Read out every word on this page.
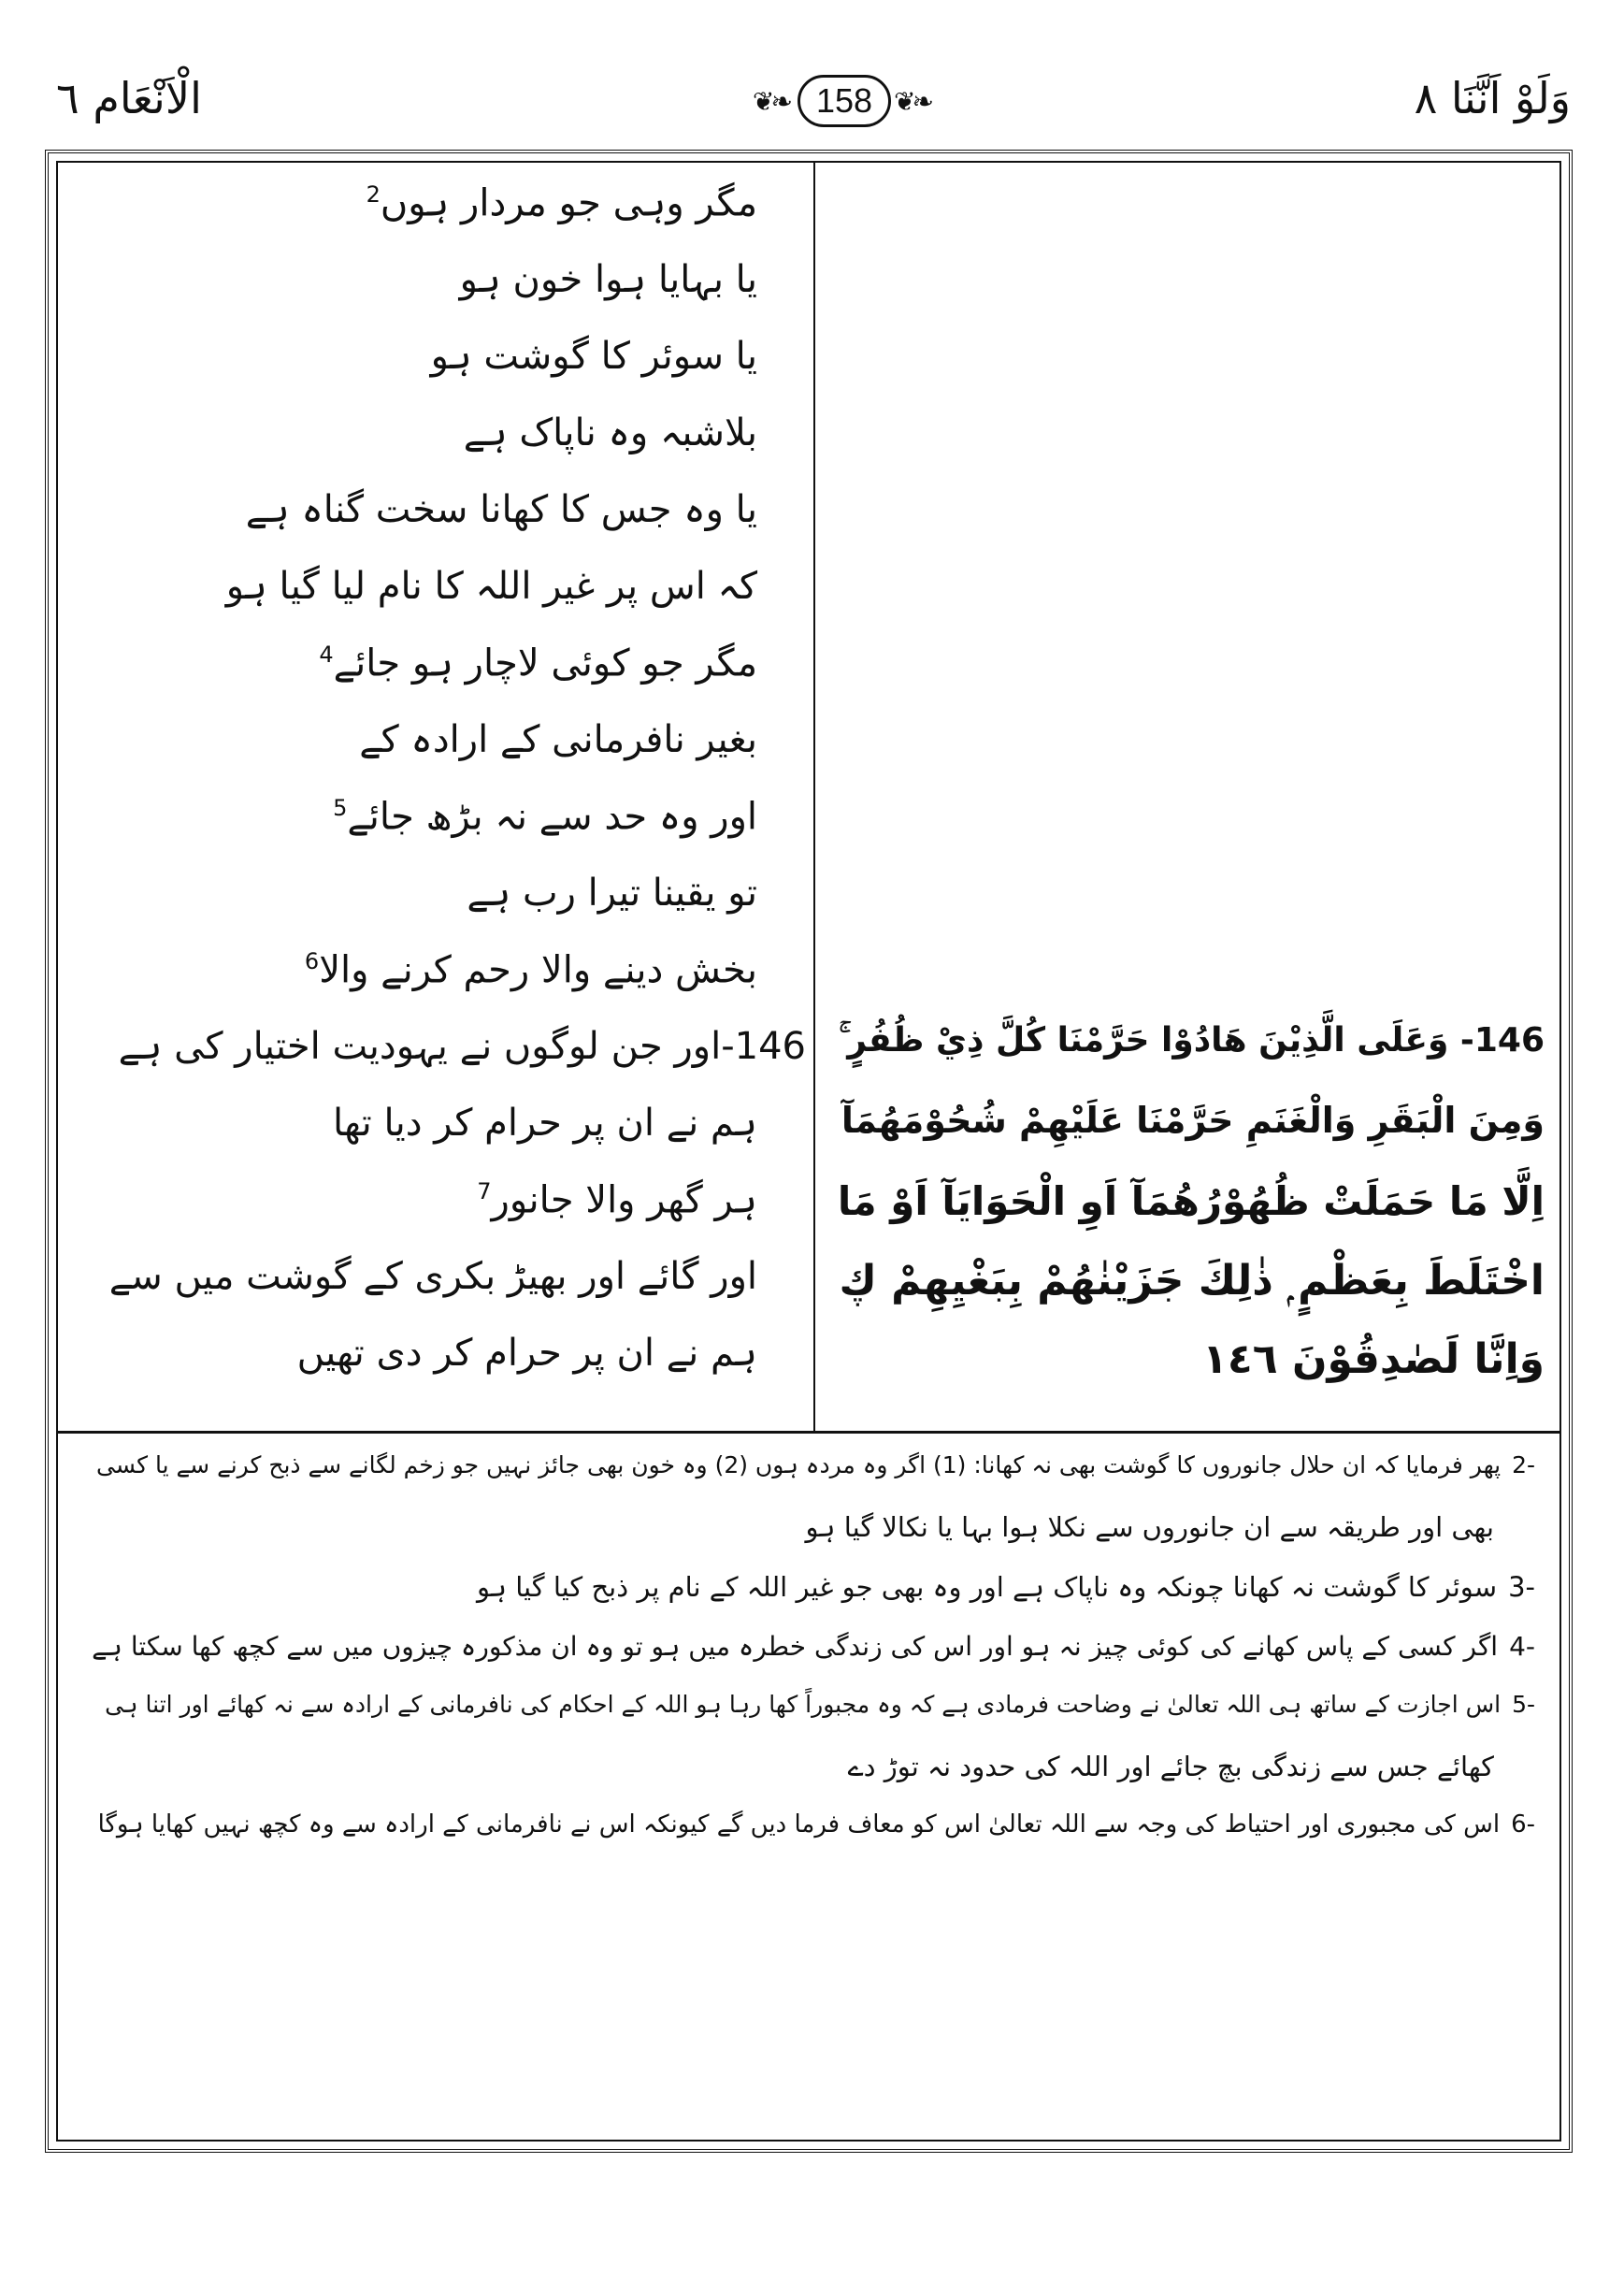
الْاَنْعَام ٦	❦❧ 158 ❦❧	وَلَوْ اَنَّنَا ٨
مگر وہی جو مردار ہوں$^2$
یا بہایا ہوا خون ہو
یا سوئر کا گوشت ہو
بلاشبہ وہ ناپاک ہے
یا وہ جس کا کھانا سخت گناہ ہے
کہ اس پر غیر اللہ کا نام لیا گیا ہو
مگر جو کوئی لاچار ہو جائے$^4$
بغیر نافرمانی کے ارادہ کے
اور وہ حد سے نہ بڑھ جائے$^5$
تو یقینا تیرا رب ہے
بخش دینے والا رحم کرنے والا$^6$
146-اور جن لوگوں نے یہودیت اختیار کی ہے
ہم نے ان پر حرام کر دیا تھا
ہر گھر والا جانور$^7$
اور گائے اور بھیڑ بکری کے گوشت میں سے
ہم نے ان پر حرام کر دی تھیں
146- وَعَلَى الَّذِيْنَ هَادُوْا حَرَّمْنَا كُلَّ ذِيْ ظُفُرٍ ۚ
وَمِنَ الْبَقَرِ وَالْغَنَمِ حَرَّمْنَا عَلَيْهِمْ شُحُوْمَهُمَآ
اِلَّا مَا حَمَلَتْ ظُهُوْرُهُمَآ اَوِ الْحَوَايَآ اَوْ مَا
اخْتَلَطَ بِعَظْمٍ ۭ ذٰلِكَ جَزَيْنٰهُمْ بِبَغْيِهِمْ ڮ
وَاِنَّا لَصٰدِقُوْنَ ١٤٦
-2پھر فرمایا کہ ان حلال جانوروں کا گوشت بھی نہ کھانا: (1) اگر وہ مردہ ہوں (2) وہ خون بھی جائز نہیں جو زخم لگانے سے ذبح کرنے سے یا کسی
بھی اور طریقہ سے ان جانوروں سے نکلا ہوا بہا یا نکالا گیا ہو
-3سوئر کا گوشت نہ کھانا چونکہ وہ ناپاک ہے اور وہ بھی جو غیر اللہ کے نام پر ذبح کیا گیا ہو
-4اگر کسی کے پاس کھانے کی کوئی چیز نہ ہو اور اس کی زندگی خطرہ میں ہو تو وہ ان مذکورہ چیزوں میں سے کچھ کھا سکتا ہے
-5اس اجازت کے ساتھ ہی اللہ تعالیٰ نے وضاحت فرمادی ہے کہ وہ مجبوراً کھا رہا ہو اللہ کے احکام کی نافرمانی کے ارادہ سے نہ کھائے اور اتنا ہی
کھائے جس سے زندگی بچ جائے اور اللہ کی حدود نہ توڑ دے
-6اس کی مجبوری اور احتیاط کی وجہ سے اللہ تعالیٰ اس کو معاف فرما دیں گے کیونکہ اس نے نافرمانی کے ارادہ سے وہ کچھ نہیں کھایا ہوگا
